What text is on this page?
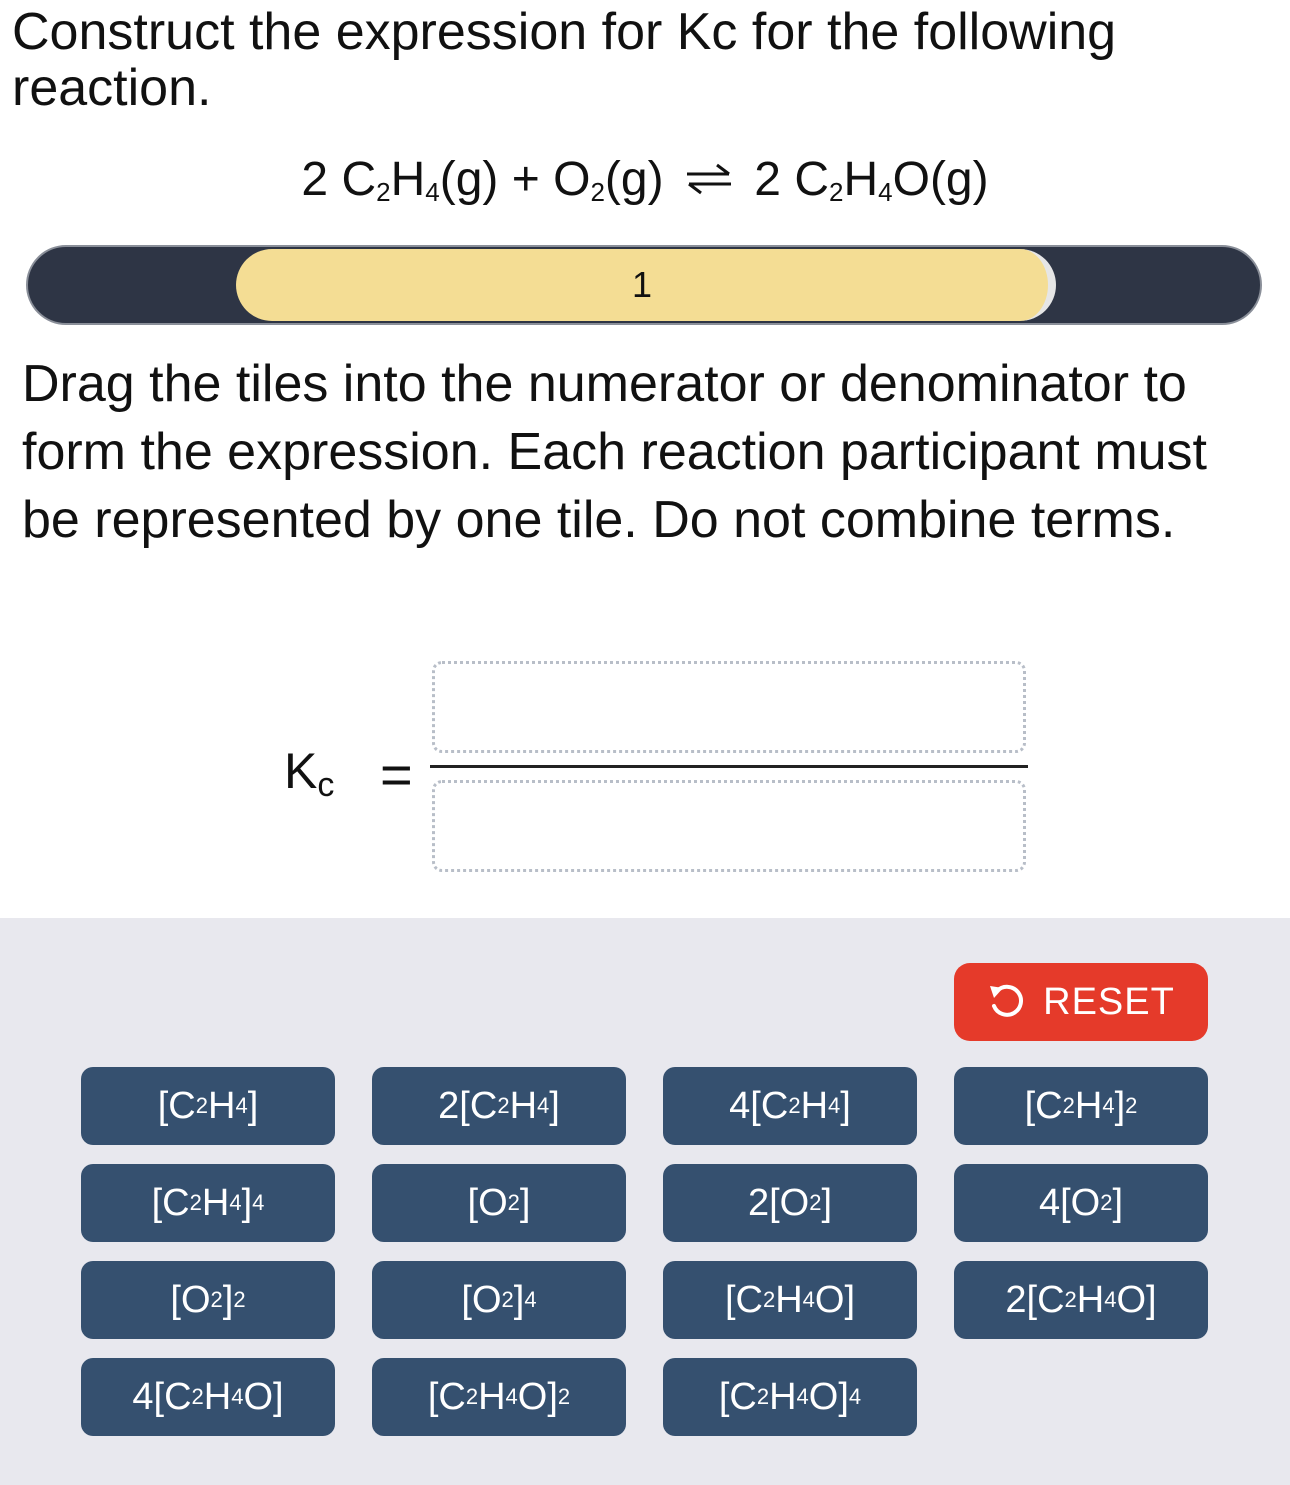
Construct the expression for Kc for the following reaction.
2 $C_2H_4(g) + O_2(g)$ ⇌ 2 $C_2H_4O(g)$
1
Drag the tiles into the numerator or denominator to form the expression. Each reaction participant must be represented by one tile. Do not combine terms.
$K_c$ =
RESET
[C 2 H 4 ]	2[C 2 H 4 ]	4[C 2 H 4 ]	[C 2 H 4 ] 2
[C 2 H 4 ] 4	[O 2 ]	2[O 2 ]	4[O 2 ]
[O 2 ] 2	[O 2 ] 4	[C 2 H 4 O]	2[C 2 H 4 O]
4[C 2 H 4 O]	[C 2 H 4 O] 2	[C 2 H 4 O] 4
